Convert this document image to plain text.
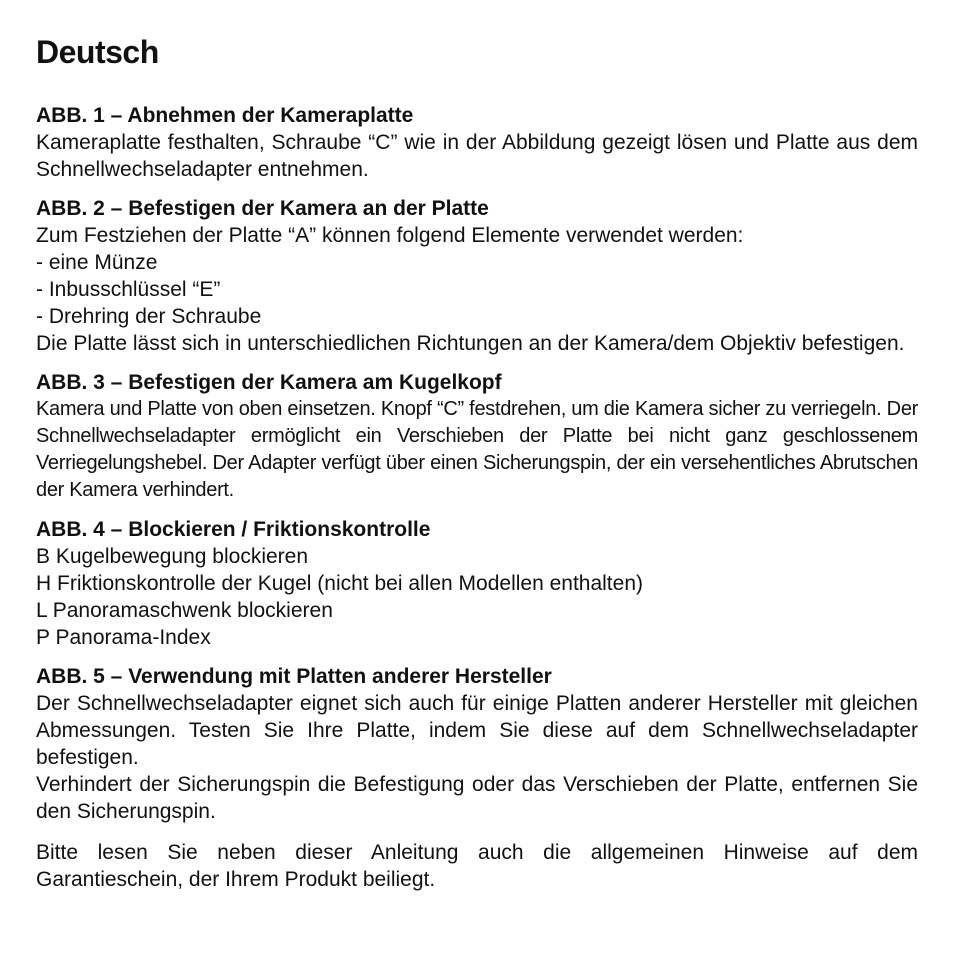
Deutsch

ABB. 1 – Abnehmen der Kameraplatte

Kameraplatte festhalten, Schraube “C” wie in der Abbildung gezeigt lösen und Platte aus dem Schnellwechseladapter entnehmen.

ABB. 2 – Befestigen der Kamera an der Platte

Zum Festziehen der Platte “A” können folgend Elemente verwendet werden:

- eine Münze

- Inbusschlüssel “E”

- Drehring der Schraube

Die Platte lässt sich in unterschiedlichen Richtungen an der Kamera/dem Objektiv befestigen.

ABB. 3 – Befestigen der Kamera am Kugelkopf

Kamera und Platte von oben einsetzen. Knopf “C” festdrehen, um die Kamera sicher zu verriegeln. Der Schnellwechseladapter ermöglicht ein Verschieben der Platte bei nicht ganz geschlossenem Verriegelungshebel. Der Adapter verfügt über einen Sicherungspin, der ein versehentliches Abrutschen der Kamera verhindert.

ABB. 4 – Blockieren / Friktionskontrolle

B Kugelbewegung blockieren

H Friktionskontrolle der Kugel (nicht bei allen Modellen enthalten)

L Panoramaschwenk blockieren

P Panorama-Index

ABB. 5 – Verwendung mit Platten anderer Hersteller

Der Schnellwechseladapter eignet sich auch für einige Platten anderer Hersteller mit gleichen Abmessungen. Testen Sie Ihre Platte, indem Sie diese auf dem Schnellwechseladapter befestigen.

Verhindert der Sicherungspin die Befestigung oder das Verschieben der Platte, entfernen Sie den Sicherungspin.

Bitte lesen Sie neben dieser Anleitung auch die allgemeinen Hinweise auf dem Garantieschein, der Ihrem Produkt beiliegt.
